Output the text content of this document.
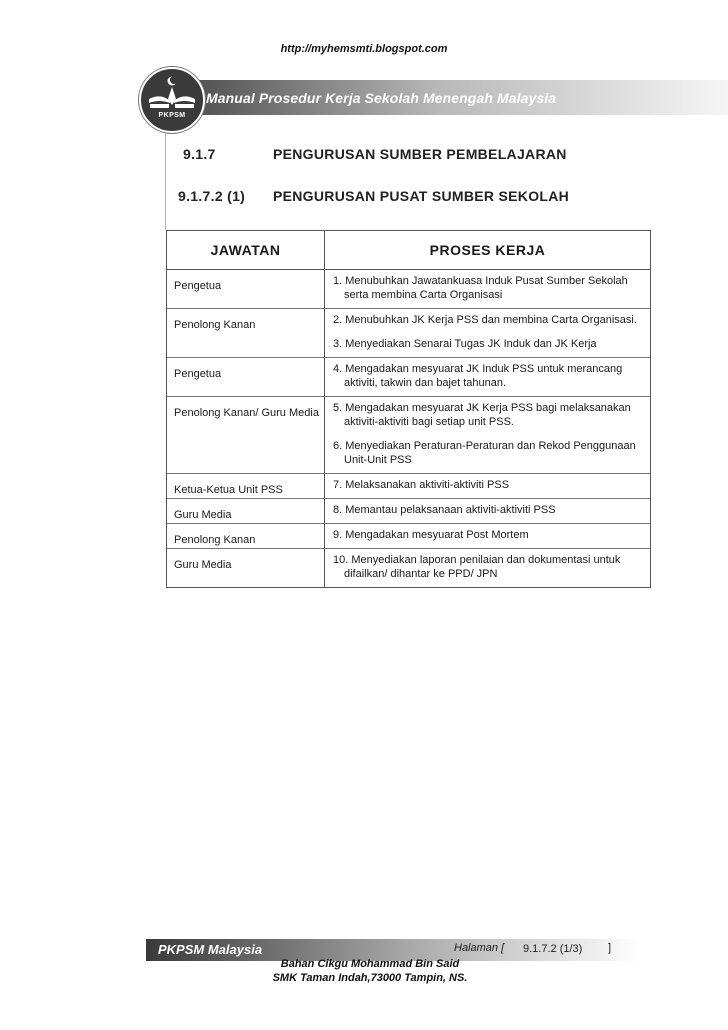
http://myhemsmti.blogspot.com
Manual Prosedur Kerja Sekolah Menengah Malaysia
PKPSM
9.1.7	PENGURUSAN SUMBER PEMBELAJARAN
9.1.7.2 (1) PENGURUSAN PUSAT SUMBER SEKOLAH
JAWATAN	PROSES KERJA
Pengetua	1. Menubuhkan Jawatankuasa Induk Pusat Sumber Sekolah serta membina Carta Organisasi

Penolong Kanan	2. Menubuhkan JK Kerja PSS dan membina Carta Organisasi.
3. Menyediakan Senarai Tugas JK Induk dan JK Kerja

Pengetua	4. Mengadakan mesyuarat JK Induk PSS untuk merancang aktiviti, takwin dan bajet tahunan.

Penolong Kanan/ Guru Media	5. Mengadakan mesyuarat JK Kerja PSS bagi melaksanakan aktiviti-aktiviti bagi setiap unit PSS.
6. Menyediakan Peraturan-Peraturan dan Rekod Penggunaan Unit-Unit PSS

Ketua-Ketua Unit PSS	7. Melaksanakan aktiviti-aktiviti PSS

Guru Media	8. Memantau pelaksanaan aktiviti-aktiviti PSS

Penolong Kanan	9. Mengadakan mesyuarat Post Mortem

Guru Media	10. Menyediakan laporan penilaian dan dokumentasi untuk difailkan/ dihantar ke PPD/ JPN
PKPSM Malaysia	Halaman [ 9.1.7.2 (1/3) ]
Bahan Cikgu Mohammad Bin Said
SMK Taman Indah,73000 Tampin, NS.
